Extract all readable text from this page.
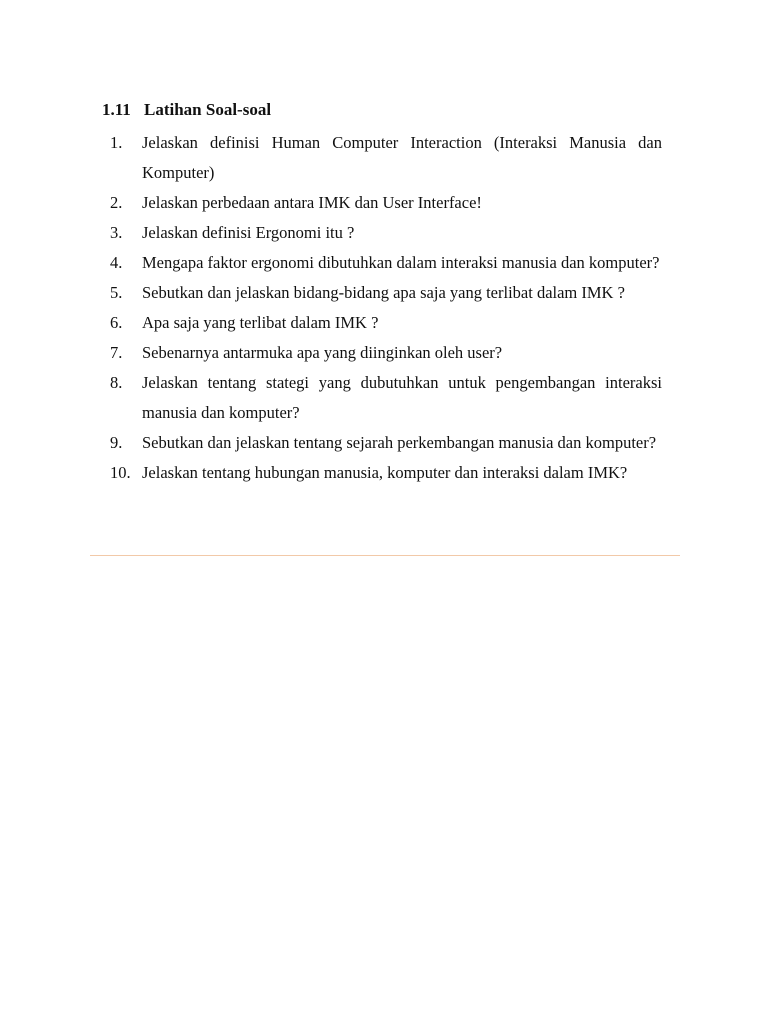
1.11 Latihan Soal-soal
1.	Jelaskan definisi Human Computer Interaction (Interaksi Manusia dan Komputer)
2.	Jelaskan perbedaan antara IMK dan User Interface!
3.	Jelaskan definisi Ergonomi itu ?
4.	Mengapa faktor ergonomi dibutuhkan dalam interaksi manusia dan komputer?
5.	Sebutkan dan jelaskan bidang-bidang apa saja yang terlibat dalam IMK ?
6.	Apa saja yang terlibat dalam IMK ?
7.	Sebenarnya antarmuka apa yang diinginkan oleh user?
8.	Jelaskan tentang stategi yang dubutuhkan untuk pengembangan interaksi manusia dan komputer?
9.	Sebutkan dan jelaskan tentang sejarah perkembangan manusia dan komputer?
10. Jelaskan tentang hubungan manusia, komputer dan interaksi dalam IMK?
